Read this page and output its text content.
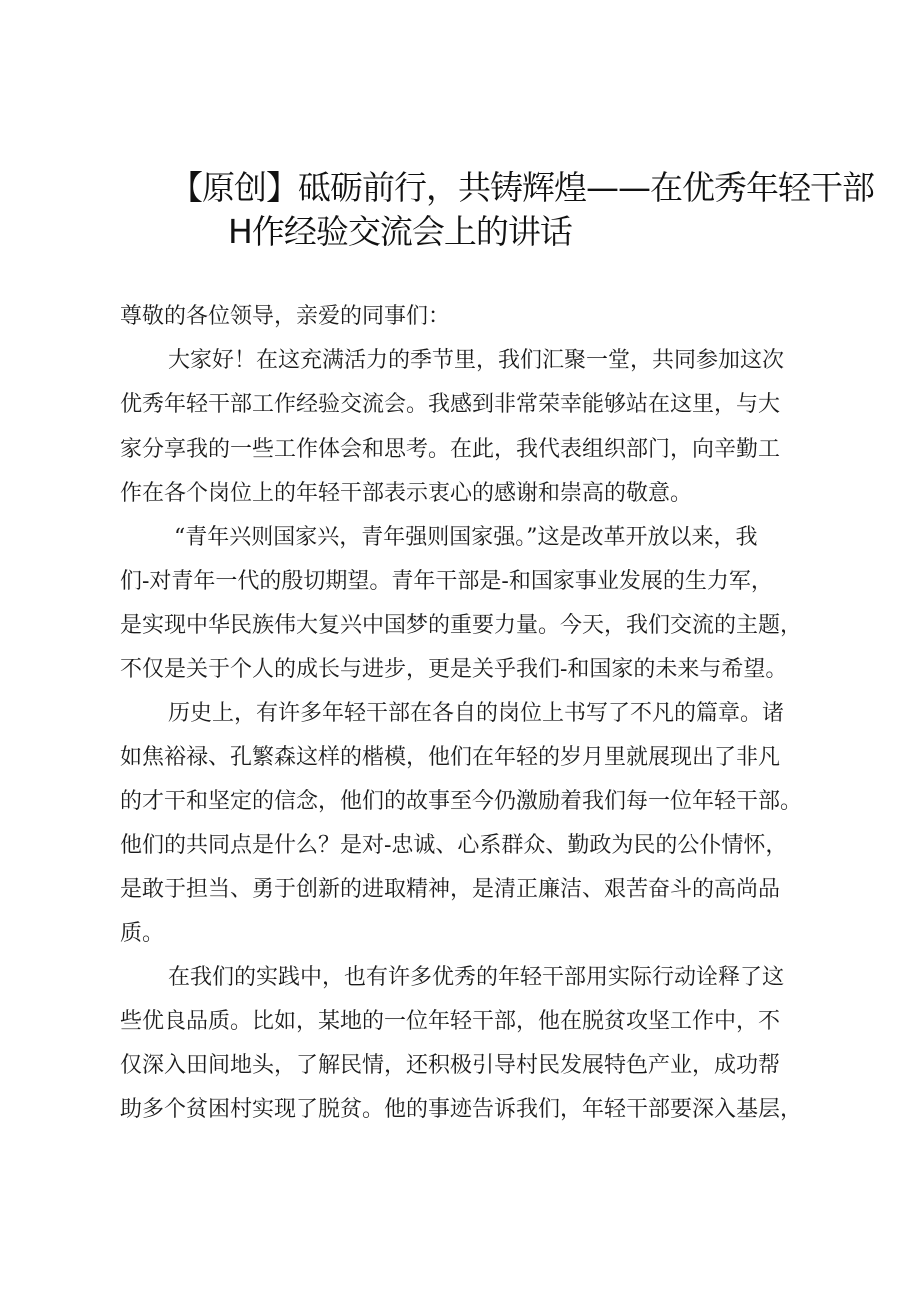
【原创】砥砺前行，共铸辉煌——在优秀年轻干部
H作经验交流会上的讲话
尊敬的各位领导，亲爱的同事们：
大家好！在这充满活力的季节里，我们汇聚一堂，共同参加这次
优秀年轻干部工作经验交流会。我感到非常荣幸能够站在这里，与大
家分享我的一些工作体会和思考。在此，我代表组织部门，向辛勤工
作在各个岗位上的年轻干部表示衷心的感谢和崇高的敬意。
“青年兴则国家兴，青年强则国家强。”这是改革开放以来，我
们-对青年一代的殷切期望。青年干部是-和国家事业发展的生力军，
是实现中华民族伟大复兴中国梦的重要力量。今天，我们交流的主题，
不仅是关于个人的成长与进步，更是关乎我们-和国家的未来与希望。
历史上，有许多年轻干部在各自的岗位上书写了不凡的篇章。诸
如焦裕禄、孔繁森这样的楷模，他们在年轻的岁月里就展现出了非凡
的才干和坚定的信念，他们的故事至今仍激励着我们每一位年轻干部。
他们的共同点是什么？是对-忠诚、心系群众、勤政为民的公仆情怀，
是敢于担当、勇于创新的进取精神，是清正廉洁、艰苦奋斗的高尚品
质。
在我们的实践中，也有许多优秀的年轻干部用实际行动诠释了这
些优良品质。比如，某地的一位年轻干部，他在脱贫攻坚工作中，不
仅深入田间地头，了解民情，还积极引导村民发展特色产业，成功帮
助多个贫困村实现了脱贫。他的事迹告诉我们，年轻干部要深入基层，
